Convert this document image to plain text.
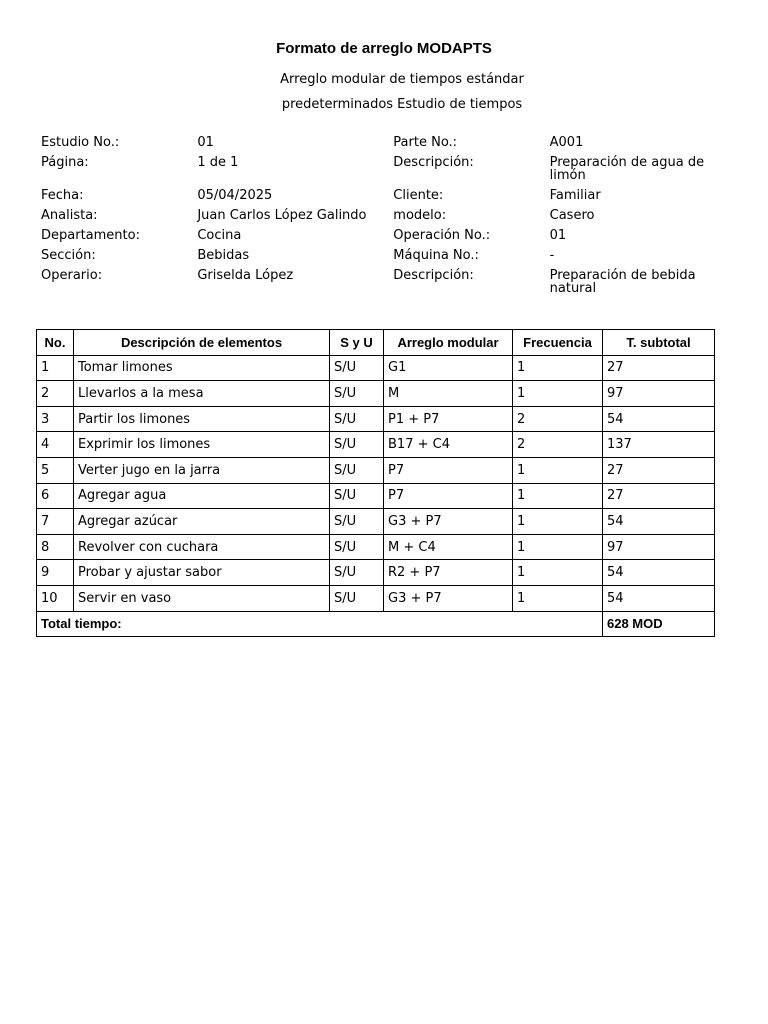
Formato de arreglo MODAPTS
Arreglo modular de tiempos estándar
predeterminados Estudio de tiempos
Estudio No.:	01	Parte No.:	A001
Página:	1 de 1	Descripción:	Preparación de agua de limón
Fecha:	05/04/2025	Cliente:	Familiar
Analista:	Juan Carlos López Galindo	modelo:	Casero
Departamento:	Cocina	Operación No.:	01
Sección:	Bebidas	Máquina No.:	-
Operario:	Griselda López	Descripción:	Preparación de bebida natural
No.	Descripción de elementos	S y U	Arreglo modular	Frecuencia	T. subtotal
1	Tomar limones	S/U	G1	1	27
2	Llevarlos a la mesa	S/U	M	1	97
3	Partir los limones	S/U	P1 + P7	2	54
4	Exprimir los limones	S/U	B17 + C4	2	137
5	Verter jugo en la jarra	S/U	P7	1	27
6	Agregar agua	S/U	P7	1	27
7	Agregar azúcar	S/U	G3 + P7	1	54
8	Revolver con cuchara	S/U	M + C4	1	97
9	Probar y ajustar sabor	S/U	R2 + P7	1	54
10	Servir en vaso	S/U	G3 + P7	1	54
Total tiempo:					628 MOD
